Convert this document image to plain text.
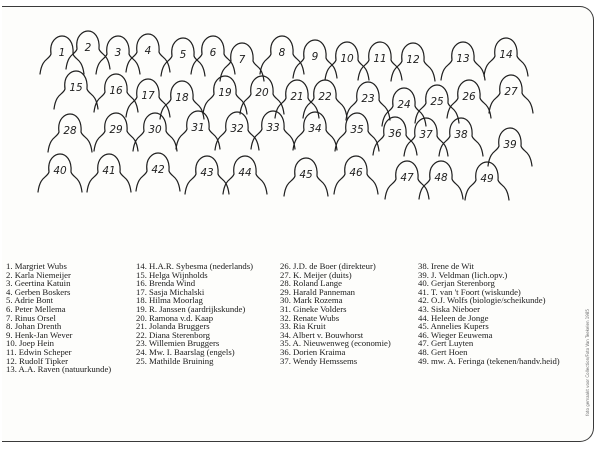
1 2 3 4	5 6
7
8	9 10 11 12	13	14
15	16 17 18	19 20 21 22	23 24 25 26	27
28	29 30	31 32 33	34	35 36 37 38
39
40	41	42	43 44	45	46	47 48	49
1. Margriet Wubs
2. Karla Niemeijer
3. Geertina Katuin
4. Gerben Boskers
5. Adrie Bont
6. Peter Mellema
7. Rinus Orsel
8. Johan Drenth
9. Henk-Jan Wever
10. Joep Hein
11. Edwin Scheper
12. Rudolf Tipker
13. A.A. Raven (natuurkunde)
14. H.A.R. Sybesma (nederlands)
15. Helga Wijnholds
16. Brenda Wind
17. Sasja Michalski
18. Hilma Moorlag
19. R. Janssen (aardrijkskunde)
20. Ramona v.d. Kaap
21. Jolanda Bruggers
22. Diana Sterenborg
23. Willemien Bruggers
24. Mw. I. Baarslag (engels)
25. Mathilde Bruining
26. J.D. de Boer (direkteur)
27. K. Meijer (duits)
28. Roland Lange
29. Harald Panneman
30. Mark Rozema
31. Gineke Volders
32. Renate Wubs
33. Ria Kruit
34. Albert v. Bouwhorst
35. A. Nieuwenweg (economie)
36. Dorien Kraima
37. Wendy Hemssems
38. Irene de Wit
39. J. Veldman (lich.opv.)
40. Gerjan Sterenborg
41. T. van 't Foort (wiskunde)
42. O.J. Wolfs (biologie/scheikunde)
43. Siska Nieboer
44. Heleen de Jonge
45. Annelies Kupers
46. Wieger Eeuwema
47. Gert Luyten
48. Gert Hoen
49. mw. A. Feringa (tekenen/handv.heid)	foto gemaakt voor Collection/Foto Van Teekelen 1985
